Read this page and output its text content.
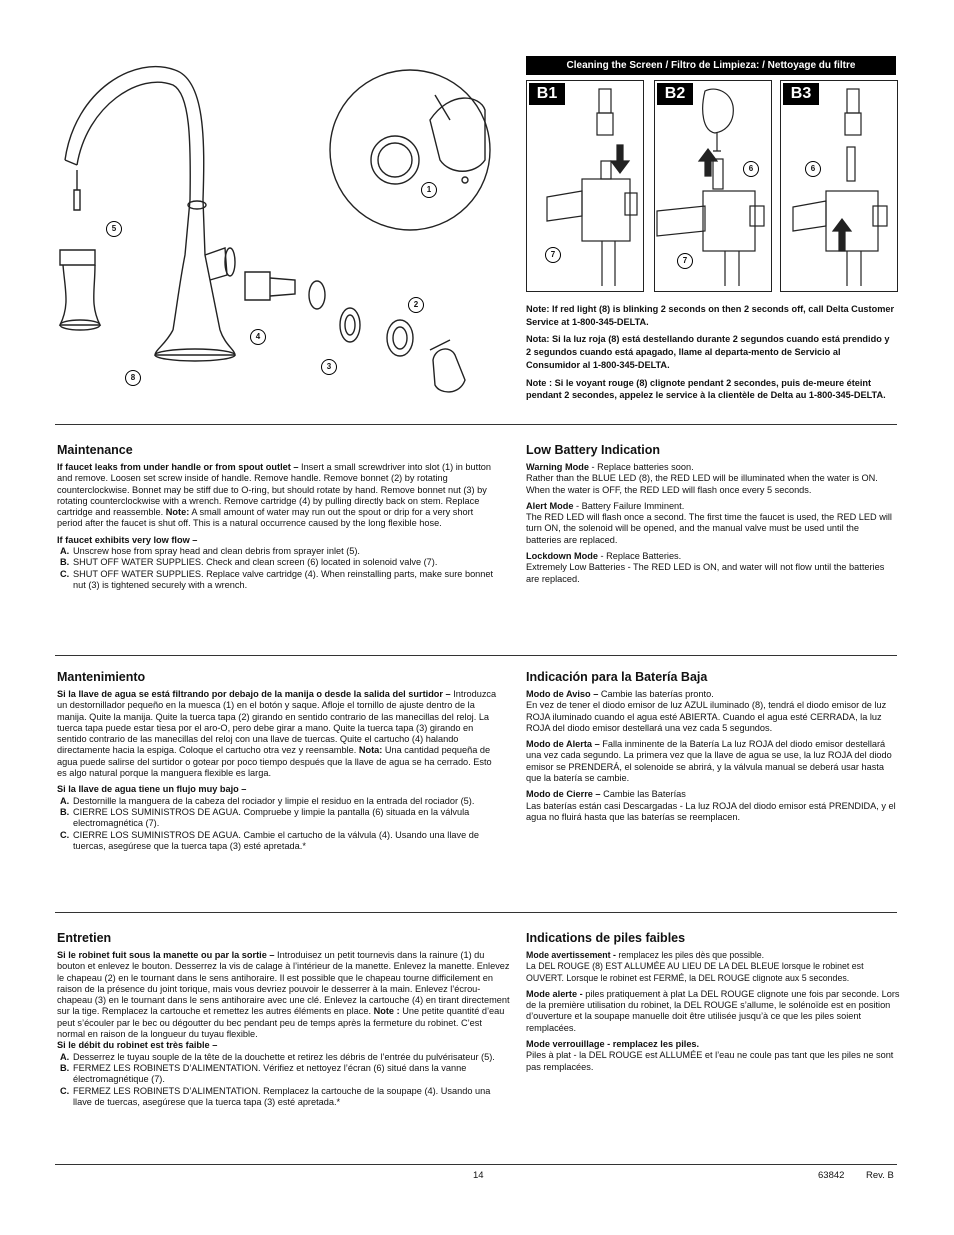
1
2
3
4
5
8
Cleaning the Screen / Filtro de Limpieza: / Nettoyage du filtre
B1
7
B2
6
7
B3
6

Note: If red light (8) is blinking 2 seconds on then 2 seconds off, call Delta Customer Service at 1-800-345-DELTA.

Nota: Si la luz roja (8) está destellando durante 2 segundos cuando está prendido y 2 segundos cuando está apagado, llame al departa-mento de Servicio al Consumidor al 1-800-345-DELTA.

Note : Si le voyant rouge (8) clignote pendant 2 secondes, puis de-meure éteint pendant 2 secondes, appelez le service à la clientèle de Delta au 1-800-345-DELTA.

Maintenance

If faucet leaks from under handle or from spout outlet – Insert a small screwdriver into slot (1) in button and remove. Loosen set screw inside of handle. Remove handle. Remove bonnet (2) by rotating counterclockwise. Bonnet may be stiff due to O-ring, but should rotate by hand. Remove bonnet nut (3) by rotating counterclockwise with a wrench. Remove cartridge (4) by pulling directly back on stem. Replace cartridge and reassemble. Note: A small amount of water may run out the spout or drip for a very short period after the faucet is shut off. This is a natural occurrence caused by the long flexible hose.

If faucet exhibits very low flow –

A. Unscrew hose from spray head and clean debris from sprayer inlet (5).
B. SHUT OFF WATER SUPPLIES. Check and clean screen (6) located in solenoid valve (7).
C. SHUT OFF WATER SUPPLIES. Replace valve cartridge (4). When reinstalling parts, make sure bonnet nut (3) is tightened securely with a wrench.
Low Battery Indication

Warning Mode - Replace batteries soon.
Rather than the BLUE LED (8), the RED LED will be illuminated when the water is ON. When the water is OFF, the RED LED will flash once every 5 seconds.

Alert Mode - Battery Failure Imminent.
The RED LED will flash once a second. The first time the faucet is used, the RED LED will turn ON, the solenoid will be opened, and the manual valve must be used until the batteries are replaced.

Lockdown Mode - Replace Batteries.
Extremely Low Batteries - The RED LED is ON, and water will not flow until the batteries are replaced.

Mantenimiento

Si la llave de agua se está filtrando por debajo de la manija o desde la salida del surtidor – Introduzca un destornillador pequeño en la muesca (1) en el botón y saque. Afloje el tornillo de ajuste dentro de la manija. Quite la manija. Quite la tuerca tapa (2) girando en sentido contrario de las manecillas del reloj. La tuerca tapa puede estar tiesa por el aro-O, pero debe girar a mano. Quite la tuerca tapa (3) girando en sentido contrario de las manecillas del reloj con una llave de tuercas. Quite el cartucho (4) halando directamente hacia la espiga. Coloque el cartucho otra vez y reensamble. Nota: Una cantidad pequeña de agua puede salirse del surtidor o gotear por poco tiempo después que la llave de agua se ha cerrado. Esto es algo natural porque la manguera flexible es larga.

Si la llave de agua tiene un flujo muy bajo –

A. Destornille la manguera de la cabeza del rociador y limpie el residuo en la entrada del rociador (5).
B. CIERRE LOS SUMINISTROS DE AGUA. Compruebe y limpie la pantalla (6) situada en la válvula electromagnética (7).
C. CIERRE LOS SUMINISTROS DE AGUA. Cambie el cartucho de la válvula (4). Usando una llave de tuercas, asegúrese que la tuerca tapa (3) esté apretada.*
Indicación para la Batería Baja

Modo de Aviso – Cambie las baterías pronto.
En vez de tener el diodo emisor de luz AZUL iluminado (8), tendrá el diodo emisor de luz ROJA iluminado cuando el agua esté ABIERTA. Cuando el agua esté CERRADA, la luz ROJA del diodo emisor destellará una vez cada 5 segundos.

Modo de Alerta – Falla inminente de la Batería La luz ROJA del diodo emisor destellará una vez cada segundo. La primera vez que la llave de agua se use, la luz ROJA del diodo emisor se PRENDERÁ, el solenoide se abrirá, y la válvula manual se deberá usar hasta que la batería se cambie.

Modo de Cierre – Cambie las Baterías
Las baterías están casi Descargadas - La luz ROJA del diodo emisor está PRENDIDA, y el agua no fluirá hasta que las baterías se reemplacen.

Entretien

Si le robinet fuit sous la manette ou par la sortie – Introduisez un petit tournevis dans la rainure (1) du bouton et enlevez le bouton. Desserrez la vis de calage à l’intérieur de la manette. Enlevez la manette. Enlevez le chapeau (2) en le tournant dans le sens antihoraire. Il est possible que le chapeau tourne difficilement en raison de la présence du joint torique, mais vous devriez pouvoir le desserrer à la main. Enlevez l’écrou-chapeau (3) en le tournant dans le sens antihoraire avec une clé. Enlevez la cartouche (4) en tirant directement sur la tige. Remplacez la cartouche et remettez les autres éléments en place. Note : Une petite quantité d’eau peut s’écouler par le bec ou dégoutter du bec pendant peu de temps après la fermeture du robinet. C’est normal en raison de la longueur du tuyau flexible.

Si le débit du robinet est très faible –

A. Desserrez le tuyau souple de la tête de la douchette et retirez les débris de l’entrée du pulvérisateur (5).
B. FERMEZ LES ROBINETS D’ALIMENTATION. Vérifiez et nettoyez l’écran (6) situé dans la vanne électromagnétique (7).
C. FERMEZ LES ROBINETS D’ALIMENTATION. Remplacez la cartouche de la soupape (4). Usando una llave de tuercas, asegúrese que la tuerca tapa (3) esté apretada.*
Indications de piles faibles

Mode avertissement - remplacez les piles dès que possible.
La DEL ROUGE (8) EST ALLUMÉE AU LIEU DE LA DEL BLEUE lorsque le robinet est OUVERT. Lorsque le robinet est FERMÉ, la DEL ROUGE clignote aux 5 secondes.

Mode alerte - piles pratiquement à plat La DEL ROUGE clignote une fois par seconde. Lors de la première utilisation du robinet, la DEL ROUGE s’allume, le solénoïde est en position d’ouverture et la soupape manuelle doit être utilisée jusqu’à ce que les piles soient remplacées.

Mode verrouillage - remplacez les piles.
Piles à plat - la DEL ROUGE est ALLUMÉE et l’eau ne coule pas tant que les piles ne sont pas remplacées.

14	63842 Rev. B
